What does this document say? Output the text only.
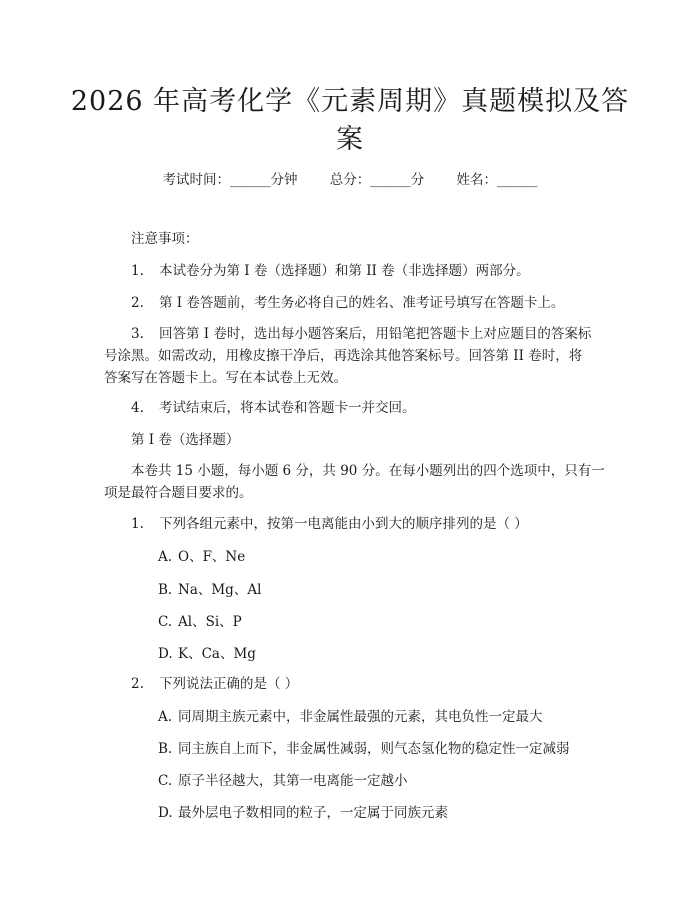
2026 年高考化学《元素周期》真题模拟及答
案
考试时间：______分钟 总分：______分 姓名：______
注意事项：
1. 本试卷分为第 I 卷（选择题）和第 II 卷（非选择题）两部分。
2. 第 I 卷答题前，考生务必将自己的姓名、准考证号填写在答题卡上。
3. 回答第 I 卷时，选出每小题答案后，用铅笔把答题卡上对应题目的答案标
号涂黑。如需改动，用橡皮擦干净后，再选涂其他答案标号。回答第 II 卷时，将
答案写在答题卡上。写在本试卷上无效。
4. 考试结束后，将本试卷和答题卡一并交回。
第 I 卷（选择题）
本卷共 15 小题，每小题 6 分，共 90 分。在每小题列出的四个选项中，只有一
项是最符合题目要求的。
1. 下列各组元素中，按第一电离能由小到大的顺序排列的是（ ）
A. O、F、Ne
B. Na、Mg、Al
C. Al、Si、P
D. K、Ca、Mg
2. 下列说法正确的是（ ）
A. 同周期主族元素中，非金属性最强的元素，其电负性一定最大
B. 同主族自上而下，非金属性减弱，则气态氢化物的稳定性一定减弱
C. 原子半径越大，其第一电离能一定越小
D. 最外层电子数相同的粒子，一定属于同族元素
